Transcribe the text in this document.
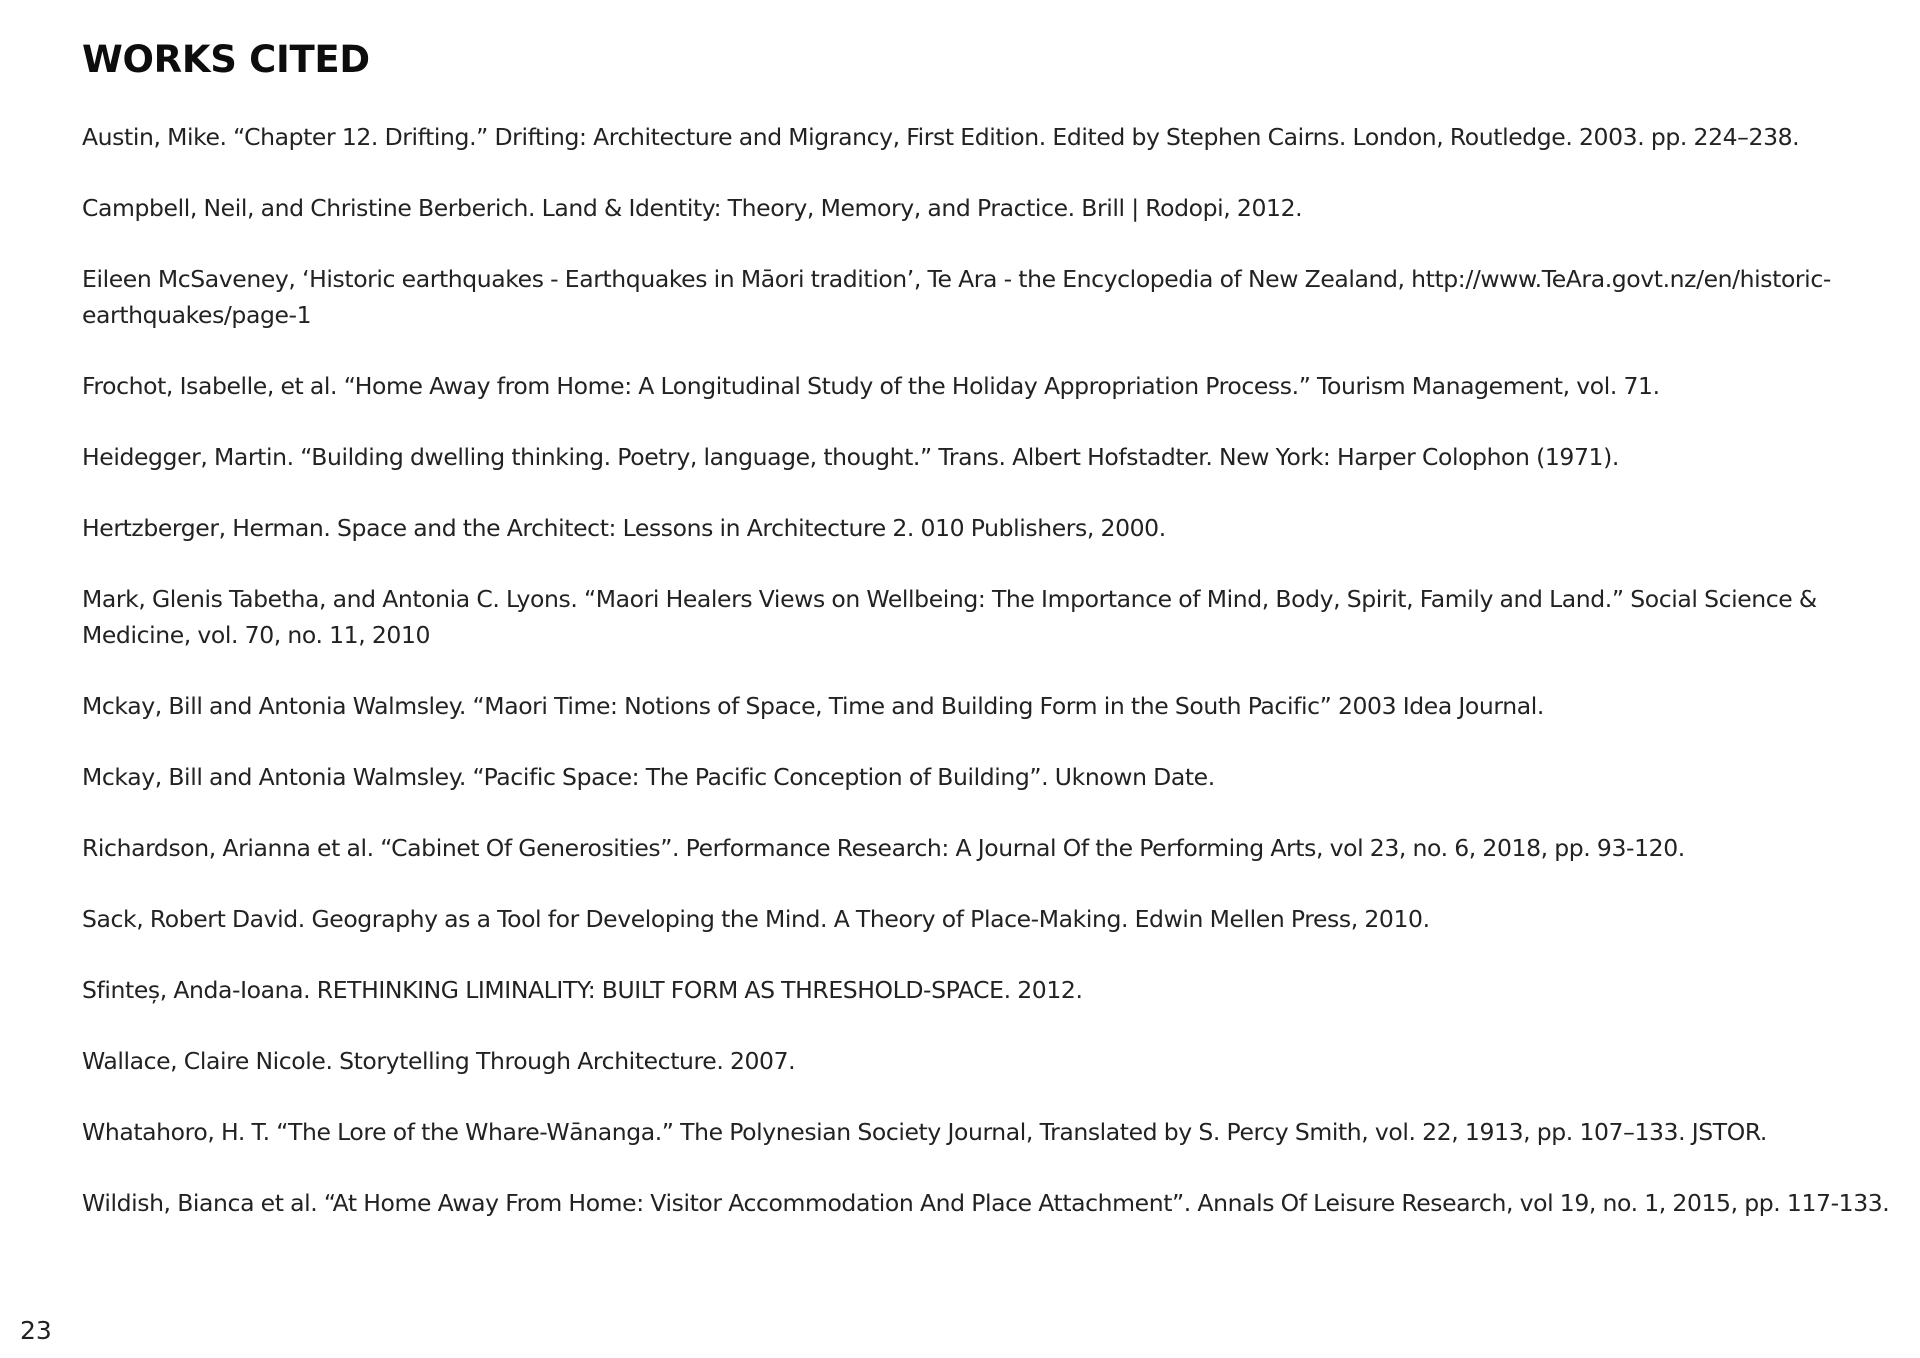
WORKS CITED
Austin, Mike. “Chapter 12. Drifting.” Drifting: Architecture and Migrancy, First Edition. Edited by Stephen Cairns. London, Routledge. 2003. pp. 224–238.
Campbell, Neil, and Christine Berberich. Land & Identity: Theory, Memory, and Practice. Brill | Rodopi, 2012.
Eileen McSaveney, ‘Historic earthquakes - Earthquakes in Māori tradition’, Te Ara - the Encyclopedia of New Zealand, http://www.TeAra.govt.nz/en/historic-earthquakes/page-1
Frochot, Isabelle, et al. “Home Away from Home: A Longitudinal Study of the Holiday Appropriation Process.” Tourism Management, vol. 71.
Heidegger, Martin. “Building dwelling thinking. Poetry, language, thought.” Trans. Albert Hofstadter. New York: Harper Colophon (1971).
Hertzberger, Herman. Space and the Architect: Lessons in Architecture 2. 010 Publishers, 2000.
Mark, Glenis Tabetha, and Antonia C. Lyons. “Maori Healers Views on Wellbeing: The Importance of Mind, Body, Spirit, Family and Land.” Social Science & Medicine, vol. 70, no. 11, 2010
Mckay, Bill and Antonia Walmsley. “Maori Time: Notions of Space, Time and Building Form in the South Pacific” 2003 Idea Journal.
Mckay, Bill and Antonia Walmsley. “Pacific Space: The Pacific Conception of Building”. Uknown Date.
Richardson, Arianna et al. “Cabinet Of Generosities”. Performance Research: A Journal Of the Performing Arts, vol 23, no. 6, 2018, pp. 93-120.
Sack, Robert David. Geography as a Tool for Developing the Mind. A Theory of Place-Making. Edwin Mellen Press, 2010.
Sfinteș, Anda-Ioana. RETHINKING LIMINALITY: BUILT FORM AS THRESHOLD-SPACE. 2012.
Wallace, Claire Nicole. Storytelling Through Architecture. 2007.
Whatahoro, H. T. “The Lore of the Whare-Wānanga.” The Polynesian Society Journal, Translated by S. Percy Smith, vol. 22, 1913, pp. 107–133. JSTOR.
Wildish, Bianca et al. “At Home Away From Home: Visitor Accommodation And Place Attachment”. Annals Of Leisure Research, vol 19, no. 1, 2015, pp. 117-133.
23
